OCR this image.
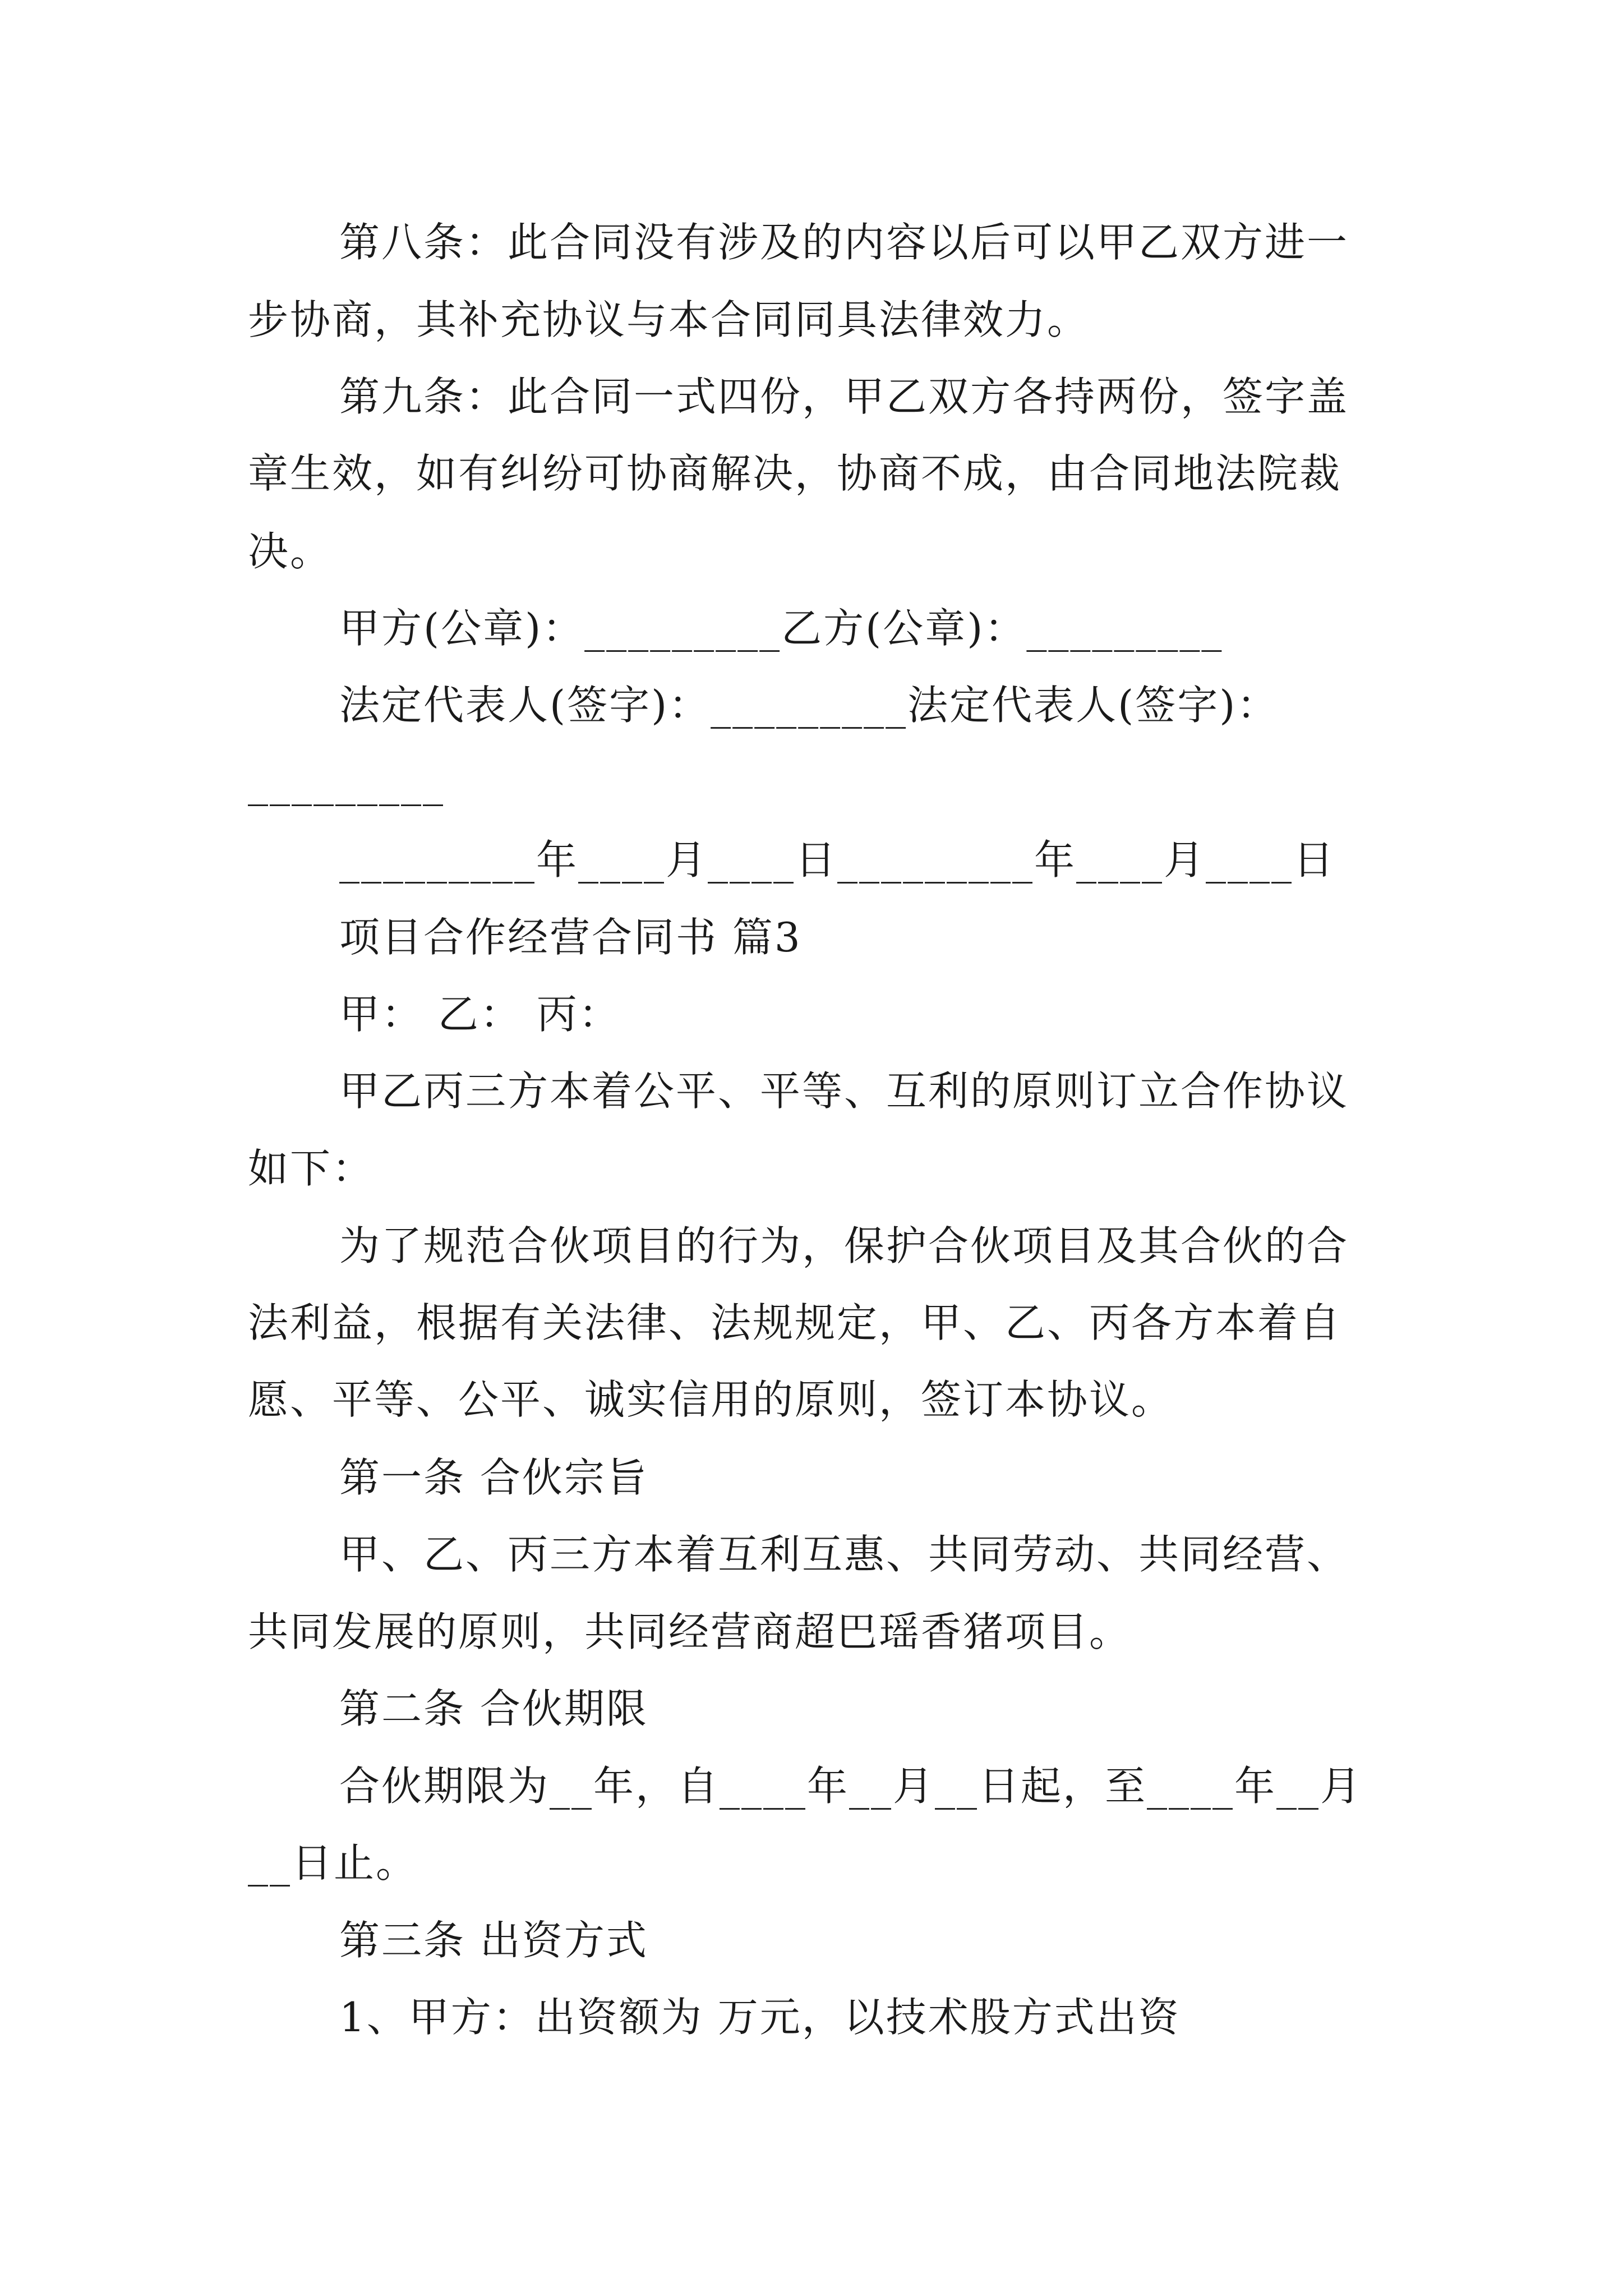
第八条：此合同没有涉及的内容以后可以甲乙双方进一
步协商，其补充协议与本合同同具法律效力。
第九条：此合同一式四份，甲乙双方各持两份，签字盖
章生效，如有纠纷可协商解决，协商不成，由合同地法院裁
决。
甲方(公章)：_________乙方(公章)：_________
法定代表人(签字)：_________法定代表人(签字)：
_________
_________年____月____日_________年____月____日
项目合作经营合同书 篇3
甲： 乙： 丙：
甲乙丙三方本着公平、平等、互利的原则订立合作协议
如下：
为了规范合伙项目的行为，保护合伙项目及其合伙的合
法利益，根据有关法律、法规规定，甲、乙、丙各方本着自
愿、平等、公平、诚实信用的原则，签订本协议。
第一条 合伙宗旨
甲、乙、丙三方本着互利互惠、共同劳动、共同经营、
共同发展的原则，共同经营商超巴瑶香猪项目。
第二条 合伙期限
合伙期限为__年，自____年__月__日起，至____年__月
__日止。
第三条 出资方式
1、甲方：出资额为 万元，以技术股方式出资
